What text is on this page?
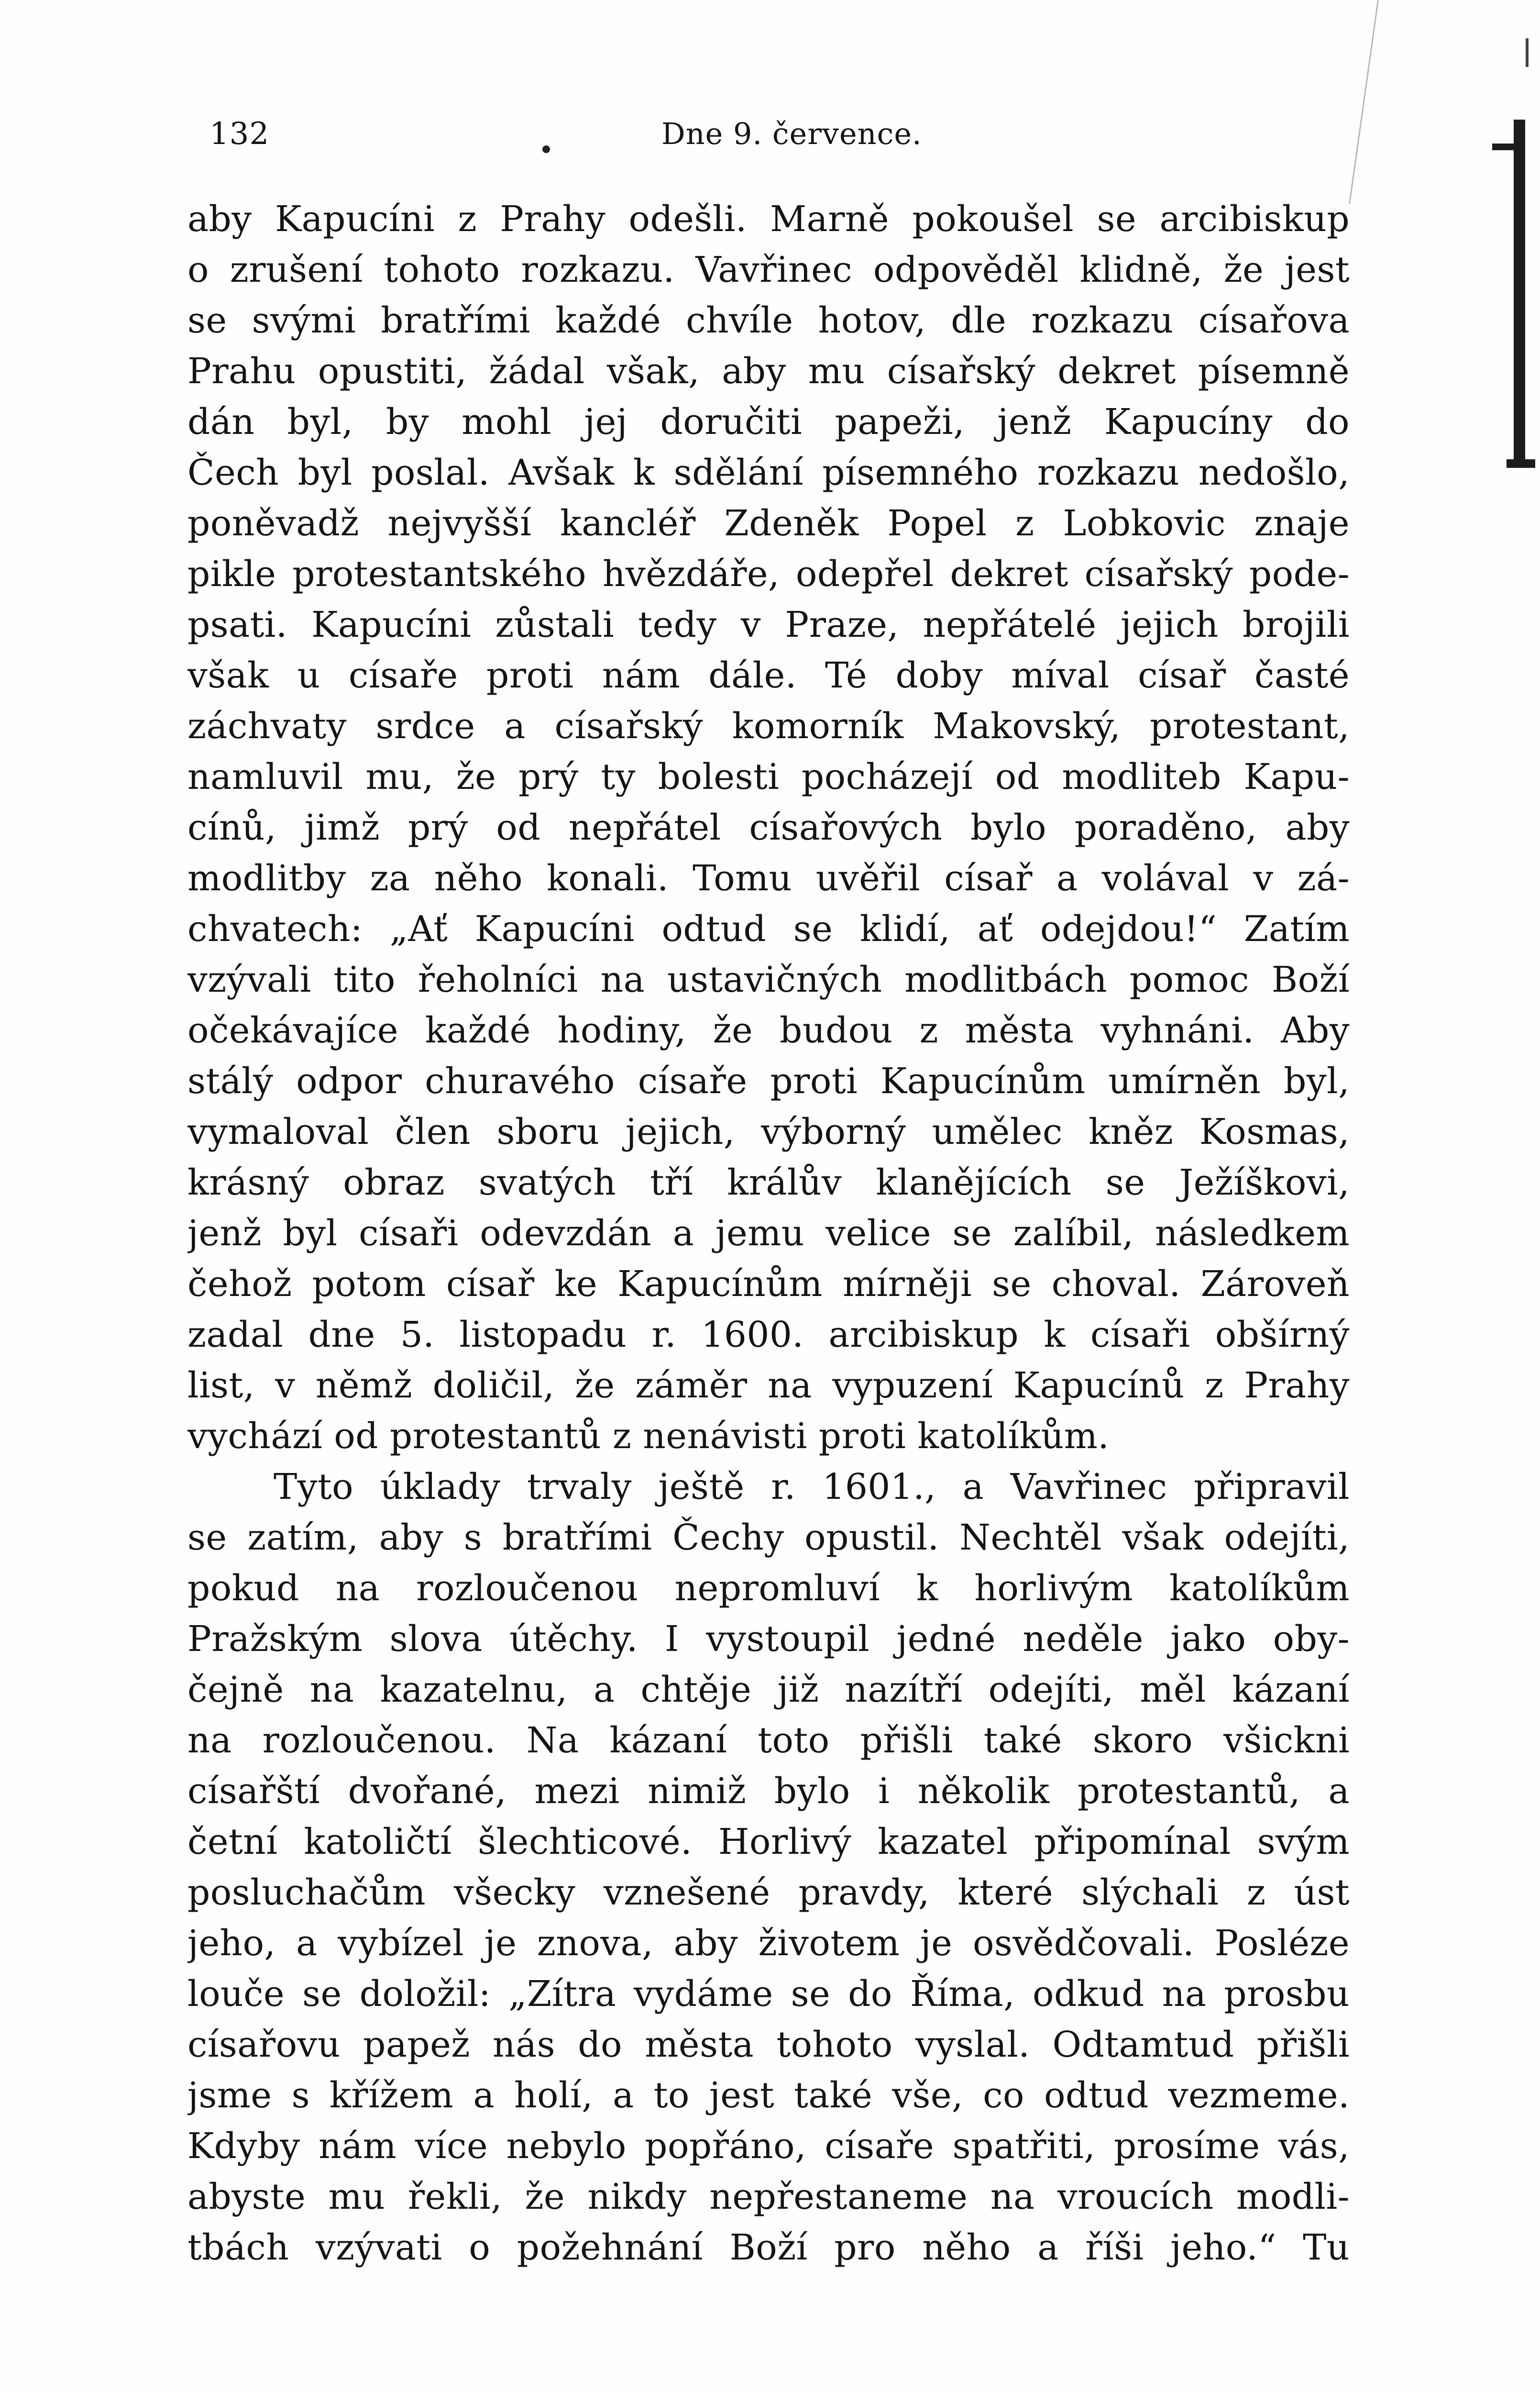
132	Dne 9. července.
aby Kapucíni z Prahy odešli. Marně pokoušel se arcibiskup
o zrušení tohoto rozkazu. Vavřinec odpověděl klidně, že jest
se svými bratřími každé chvíle hotov, dle rozkazu císařova
Prahu opustiti, žádal však, aby mu císařský dekret písemně
dán byl, by mohl jej doručiti papeži, jenž Kapucíny do
Čech byl poslal. Avšak k sdělání písemného rozkazu nedošlo,
poněvadž nejvyšší kancléř Zdeněk Popel z Lobkovic znaje
pikle protestantského hvězdáře, odepřel dekret císařský pode-
psati. Kapucíni zůstali tedy v Praze, nepřátelé jejich brojili
však u císaře proti nám dále. Té doby míval císař časté
záchvaty srdce a císařský komorník Makovský, protestant,
namluvil mu, že prý ty bolesti pocházejí od modliteb Kapu-
cínů, jimž prý od nepřátel císařových bylo poraděno, aby
modlitby za něho konali. Tomu uvěřil císař a volával v zá-
chvatech: „Ať Kapucíni odtud se klidí, ať odejdou!“ Zatím
vzývali tito řeholníci na ustavičných modlitbách pomoc Boží
očekávajíce každé hodiny, že budou z města vyhnáni. Aby
stálý odpor churavého císaře proti Kapucínům umírněn byl,
vymaloval člen sboru jejich, výborný umělec kněz Kosmas,
krásný obraz svatých tří králův klanějících se Ježíškovi,
jenž byl císaři odevzdán a jemu velice se zalíbil, následkem
čehož potom císař ke Kapucínům mírněji se choval. Zároveň
zadal dne 5. listopadu r. 1600. arcibiskup k císaři obšírný
list, v němž doličil, že záměr na vypuzení Kapucínů z Prahy
vychází od protestantů z nenávisti proti katolíkům.
Tyto úklady trvaly ještě r. 1601., a Vavřinec připravil
se zatím, aby s bratřími Čechy opustil. Nechtěl však odejíti,
pokud na rozloučenou nepromluví k horlivým katolíkům
Pražským slova útěchy. I vystoupil jedné neděle jako oby-
čejně na kazatelnu, a chtěje již nazítří odejíti, měl kázaní
na rozloučenou. Na kázaní toto přišli také skoro všickni
císařští dvořané, mezi nimiž bylo i několik protestantů, a
četní katoličtí šlechticové. Horlivý kazatel připomínal svým
posluchačům všecky vznešené pravdy, které slýchali z úst
jeho, a vybízel je znova, aby životem je osvědčovali. Posléze
louče se doložil: „Zítra vydáme se do Říma, odkud na prosbu
císařovu papež nás do města tohoto vyslal. Odtamtud přišli
jsme s křížem a holí, a to jest také vše, co odtud vezmeme.
Kdyby nám více nebylo popřáno, císaře spatřiti, prosíme vás,
abyste mu řekli, že nikdy nepřestaneme na vroucích modli-
tbách vzývati o požehnání Boží pro něho a říši jeho.“ Tu
